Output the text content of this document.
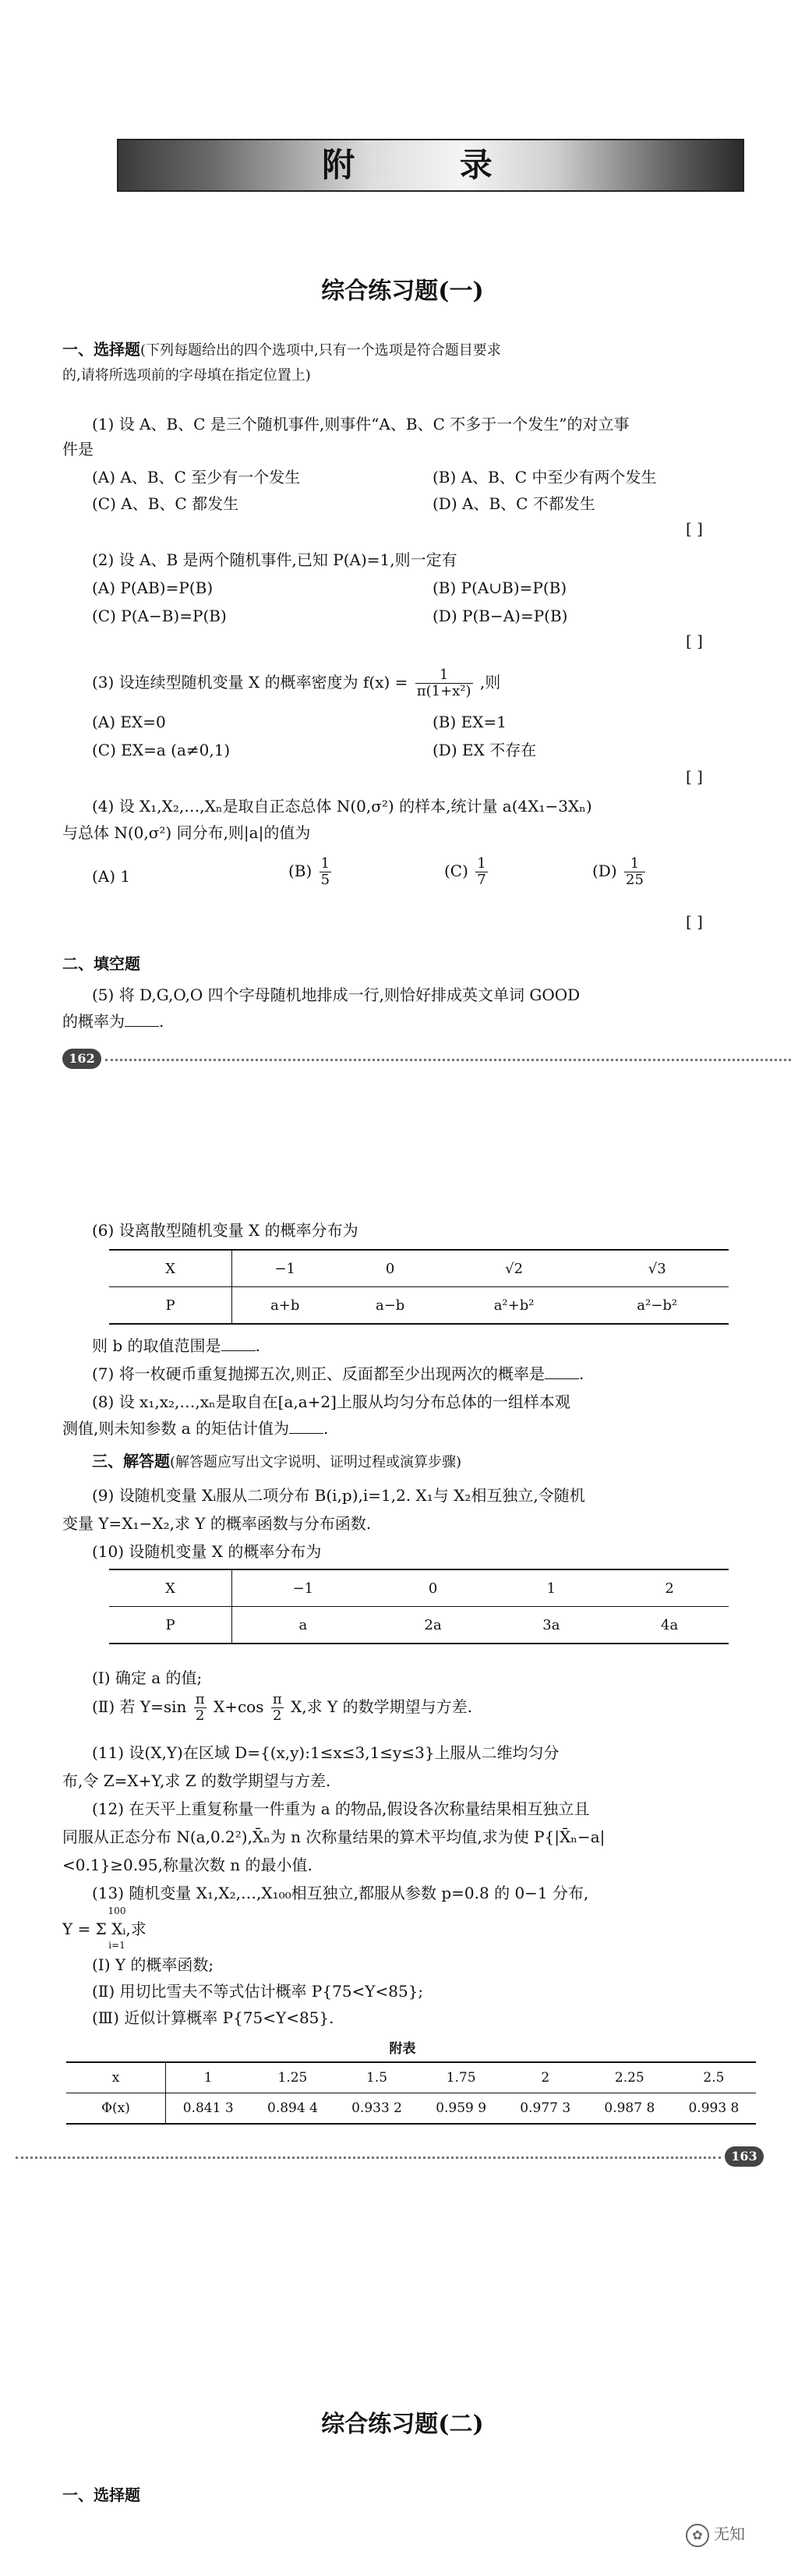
附 录
综合练习题(一)
一、选择题(下列每题给出的四个选项中,只有一个选项是符合题目要求
的,请将所选项前的字母填在指定位置上)
(1) 设 A、B、C 是三个随机事件,则事件“A、B、C 不多于一个发生”的对立事
件是
(A) A、B、C 至少有一个发生	(B) A、B、C 中至少有两个发生
(C) A、B、C 都发生	(D) A、B、C 不都发生
[ ]
(2) 设 A、B 是两个随机事件,已知 P(A)=1,则一定有
(A) P(AB)=P(B)	(B) P(A∪B)=P(B)
(C) P(A−B)=P(B)	(D) P(B−A)=P(B)
[ ]
(3) 设连续型随机变量 X 的概率密度为 $f(x) = \frac{1}{\text{π(1+x²)}}$ ,则
(A) EX=0	(B) EX=1
(C) EX=a (a≠0,1)	(D) EX 不存在
[ ]
(4) 设 X₁,X₂,…,Xₙ是取自正态总体 N(0,σ²) 的样本,统计量 a(4X₁−3Xₙ)
与总体 N(0,σ²) 同分布,则|a|的值为
(A) 1	$(B) \frac{1}{5}$	$(C) \frac{1}{7}$	$(D) \frac{1}{25}$
[ ]
二、填空题
(5) 将 D,G,O,O 四个字母随机地排成一行,则恰好排成英文单词 GOOD
的概率为 .
162
(6) 设离散型随机变量 X 的概率分布为
X	−1	0	√2	√3
P	a+b	a−b	a²+b²	a²−b²
则 b 的取值范围是 .
(7) 将一枚硬币重复抛掷五次,则正、反面都至少出现两次的概率是 .
(8) 设 x₁,x₂,…,xₙ是取自在[a,a+2]上服从均匀分布总体的一组样本观
测值,则未知参数 a 的矩估计值为 .
三、解答题(解答题应写出文字说明、证明过程或演算步骤)
(9) 设随机变量 Xᵢ服从二项分布 B(i,p),i=1,2. X₁与 X₂相互独立,令随机
变量 Y=X₁−X₂,求 Y 的概率函数与分布函数.
(10) 设随机变量 X 的概率分布为
X	−1	0	1	2
P	a	2a	3a	4a
(Ⅰ) 确定 a 的值;
(Ⅱ) 若 $Y=\sin \frac{\pi}{2} X+\cos \frac{\pi}{2} X$,求 Y 的数学期望与方差.
(11) 设(X,Y)在区域 D={(x,y):1≤x≤3,1≤y≤3}上服从二维均匀分
布,令 Z=X+Y,求 Z 的数学期望与方差.
(12) 在天平上重复称量一件重为 a 的物品,假设各次称量结果相互独立且
同服从正态分布 N(a,0.2²),X̄ₙ为 n 次称量结果的算术平均值,求为使 P{|X̄ₙ−a|
<0.1}≥0.95,称量次数 n 的最小值.
(13) 随机变量 X₁,X₂,…,X₁₀₀相互独立,都服从参数 p=0.8 的 0−1 分布,
100
Y = Σ Xᵢ,求
i=1
(Ⅰ) Y 的概率函数;
(Ⅱ) 用切比雪夫不等式估计概率 P{75<Y<85};
(Ⅲ) 近似计算概率 P{75<Y<85}.
附表
x	1	1.25	1.5	1.75	2	2.25	2.5
Φ(x)	0.841 3	0.894 4	0.933 2	0.959 9	0.977 3	0.987 8	0.993 8
163
综合练习题(二)
一、选择题
✿ 无知
